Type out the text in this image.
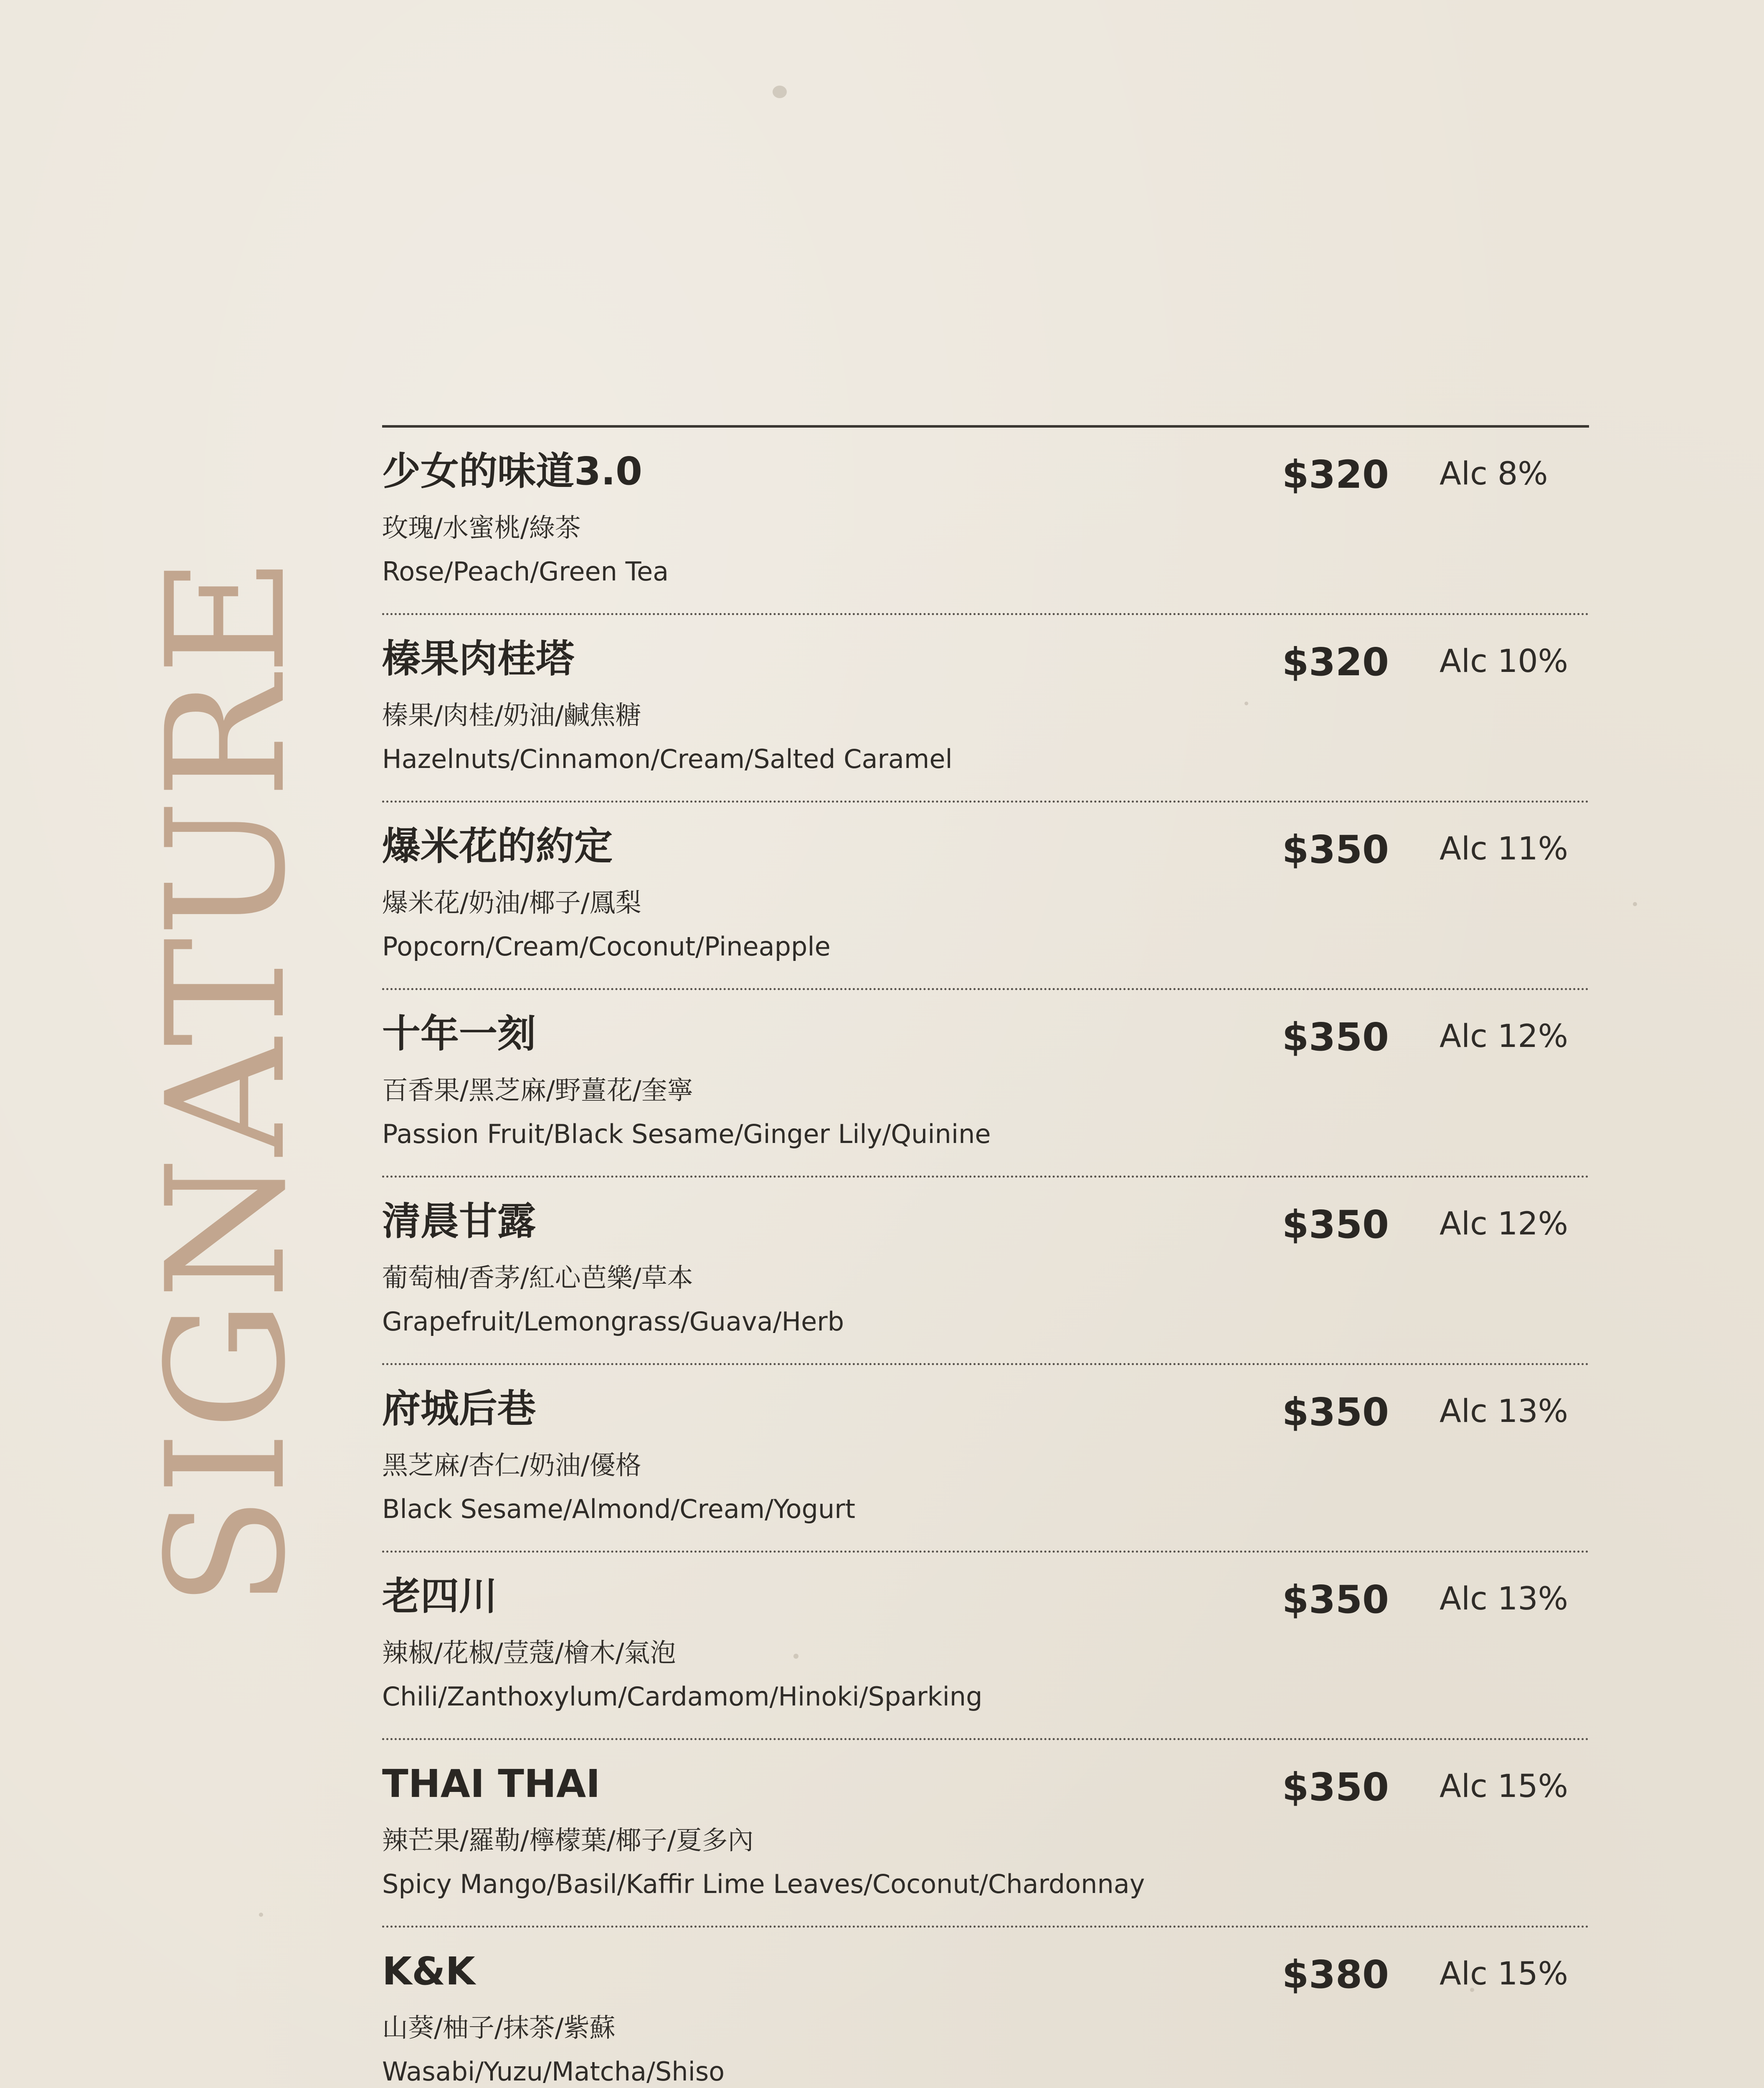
SIGNATURE
少女的味道3.0
玫瑰/水蜜桃/綠茶
Rose/Peach/Green Tea
$320 Alc 8%
榛果肉桂塔
榛果/肉桂/奶油/鹹焦糖
Hazelnuts/Cinnamon/Cream/Salted Caramel
$320 Alc 10%
爆米花的約定
爆米花/奶油/椰子/鳳梨
Popcorn/Cream/Coconut/Pineapple
$350 Alc 11%
十年一刻
百香果/黑芝麻/野薑花/奎寧
Passion Fruit/Black Sesame/Ginger Lily/Quinine
$350 Alc 12%
清晨甘露
葡萄柚/香茅/紅心芭樂/草本
Grapefruit/Lemongrass/Guava/Herb
$350 Alc 12%
府城后巷
黑芝麻/杏仁/奶油/優格
Black Sesame/Almond/Cream/Yogurt
$350 Alc 13%
老四川
辣椒/花椒/荳蔻/檜木/氣泡
Chili/Zanthoxylum/Cardamom/Hinoki/Sparking
$350 Alc 13%
THAI THAI
辣芒果/羅勒/檸檬葉/椰子/夏多內
Spicy Mango/Basil/Kaffir Lime Leaves/Coconut/Chardonnay
$350 Alc 15%
K&K
山葵/柚子/抹茶/紫蘇
Wasabi/Yuzu/Matcha/Shiso
$380 Alc 15%
